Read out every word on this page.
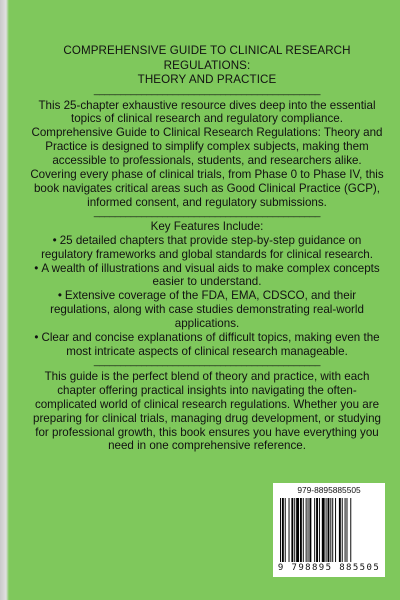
COMPREHENSIVE GUIDE TO CLINICAL RESEARCH
REGULATIONS:
THEORY AND PRACTICE

___________________________________________

This 25-chapter exhaustive resource dives deep into the essential topics of clinical research and regulatory compliance.

Comprehensive Guide to Clinical Research Regulations: Theory and Practice is designed to simplify complex subjects, making them accessible to professionals, students, and researchers alike. Covering every phase of clinical trials, from Phase 0 to Phase IV, this book navigates critical areas such as Good Clinical Practice (GCP), informed consent, and regulatory submissions.

___________________________________________

Key Features Include:

• 25 detailed chapters that provide step-by-step guidance on regulatory frameworks and global standards for clinical research.
• A wealth of illustrations and visual aids to make complex concepts easier to understand.
• Extensive coverage of the FDA, EMA, CDSCO, and their regulations, along with case studies demonstrating real-world applications.
• Clear and concise explanations of difficult topics, making even the most intricate aspects of clinical research manageable.

___________________________________________

This guide is the perfect blend of theory and practice, with each chapter offering practical insights into navigating the often-complicated world of clinical research regulations. Whether you are preparing for clinical trials, managing drug development, or studying for professional growth, this book ensures you have everything you need in one comprehensive reference.

979-8895885505
9 798895 885505
